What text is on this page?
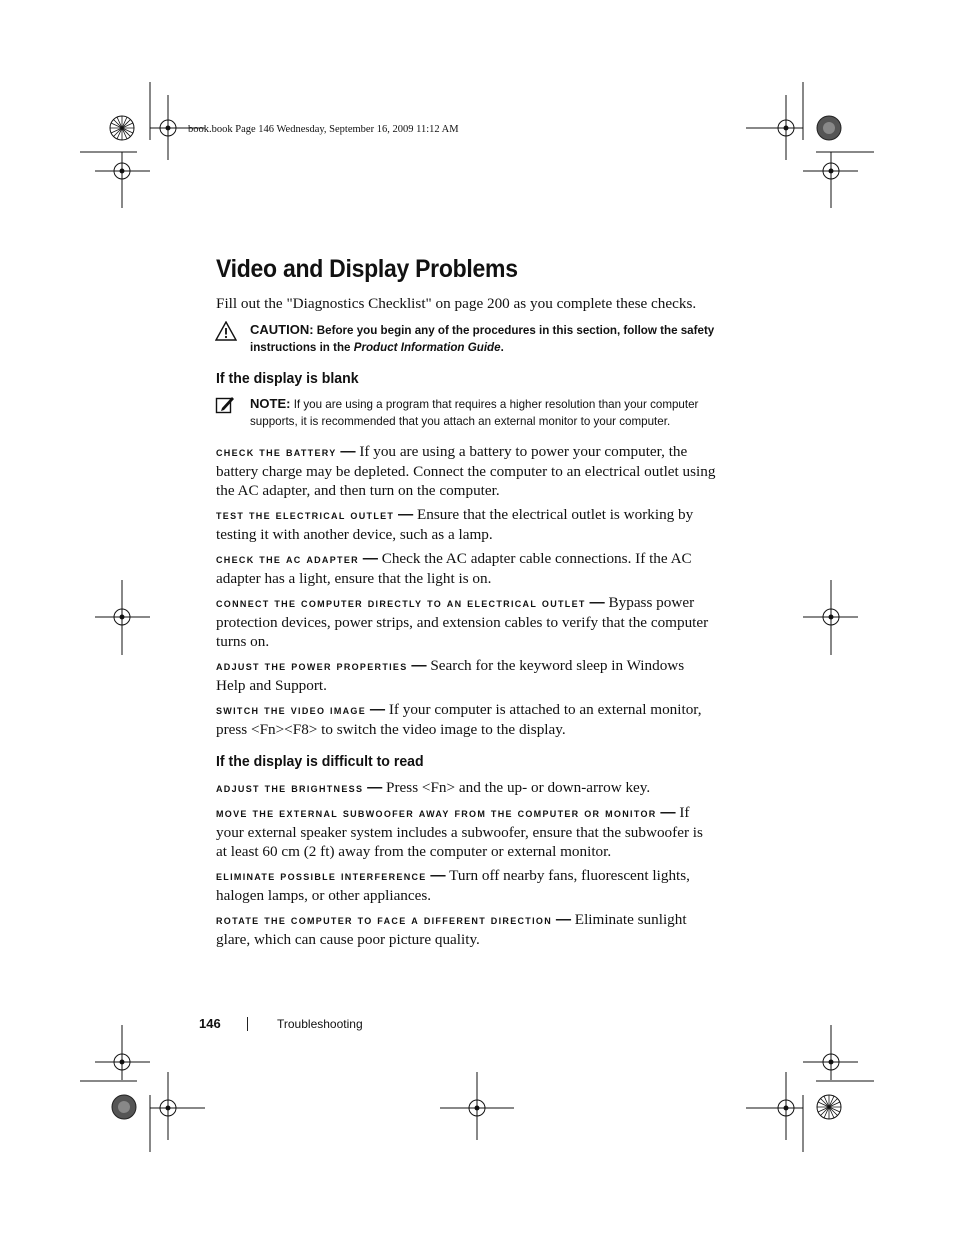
book.book Page 146 Wednesday, September 16, 2009 11:12 AM
Video and Display Problems

Fill out the "Diagnostics Checklist" on page 200 as you complete these checks.

CAUTION: Before you begin any of the procedures in this section, follow the safety instructions in the Product Information Guide.
If the display is blank
NOTE: If you are using a program that requires a higher resolution than your computer supports, it is recommended that you attach an external monitor to your computer.

check the battery — If you are using a battery to power your computer, the battery charge may be depleted. Connect the computer to an electrical outlet using the AC adapter, and then turn on the computer.

test the electrical outlet — Ensure that the electrical outlet is working by testing it with another device, such as a lamp.

check the ac adapter — Check the AC adapter cable connections. If the AC adapter has a light, ensure that the light is on.

connect the computer directly to an electrical outlet — Bypass power protection devices, power strips, and extension cables to verify that the computer turns on.

adjust the power properties — Search for the keyword sleep in Windows Help and Support.

switch the video image — If your computer is attached to an external monitor, press <Fn><F8> to switch the video image to the display.

If the display is difficult to read

adjust the brightness — Press <Fn> and the up- or down-arrow key.

move the external subwoofer away from the computer or monitor — If your external speaker system includes a subwoofer, ensure that the subwoofer is at least 60 cm (2 ft) away from the computer or external monitor.

eliminate possible interference — Turn off nearby fans, fluorescent lights, halogen lamps, or other appliances.

rotate the computer to face a different direction — Eliminate sunlight glare, which can cause poor picture quality.

146	Troubleshooting
